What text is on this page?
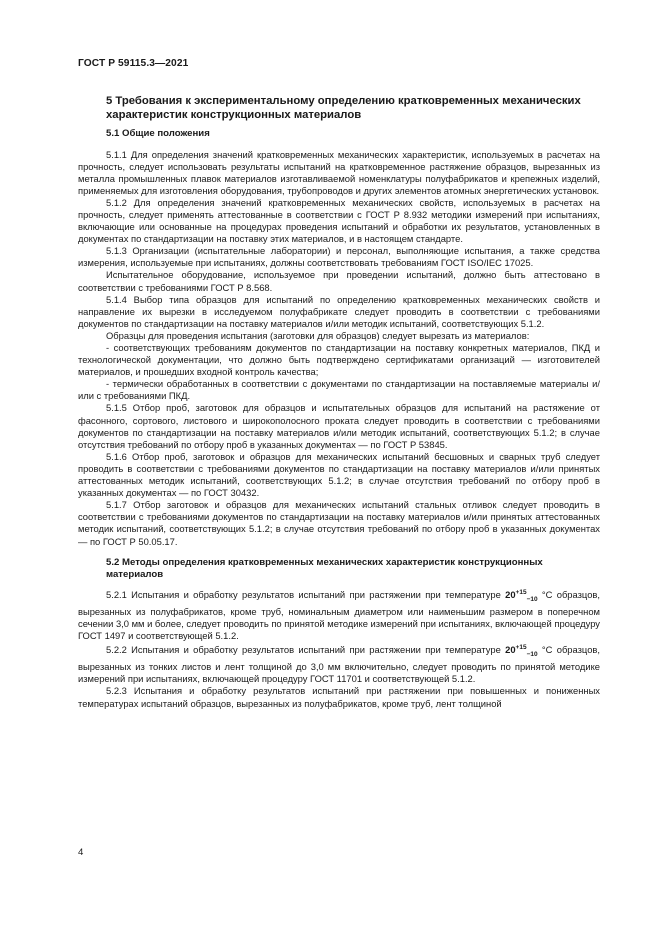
ГОСТ Р 59115.3—2021
5 Требования к экспериментальному определению кратковременных механических характеристик конструкционных материалов
5.1 Общие положения

5.1.1 Для определения значений кратковременных механических характеристик, используемых в расчетах на прочность, следует использовать результаты испытаний на кратковременное растяжение образцов, вырезанных из металла промышленных плавок материалов изготавливаемой номенклатуры полуфабрикатов и крепежных изделий, применяемых для изготовления оборудования, трубопроводов и других элементов атомных энергетических установок.

5.1.2 Для определения значений кратковременных механических свойств, используемых в расчетах на прочность, следует применять аттестованные в соответствии с ГОСТ Р 8.932 методики измерений при испытаниях, включающие или основанные на процедурах проведения испытаний и обработки их результатов, установленных в документах по стандартизации на поставку этих материалов, и в настоящем стандарте.

5.1.3 Организации (испытательные лаборатории) и персонал, выполняющие испытания, а также средства измерения, используемые при испытаниях, должны соответствовать требованиям ГОСТ ISO/IEC 17025.

Испытательное оборудование, используемое при проведении испытаний, должно быть аттестовано в соответствии с требованиями ГОСТ Р 8.568.

5.1.4 Выбор типа образцов для испытаний по определению кратковременных механических свойств и направление их вырезки в исследуемом полуфабрикате следует проводить в соответствии с требованиями документов по стандартизации на поставку материалов и/или методик испытаний, соответствующих 5.1.2.

Образцы для проведения испытания (заготовки для образцов) следует вырезать из материалов:

- соответствующих требованиям документов по стандартизации на поставку конкретных материалов, ПКД и технологической документации, что должно быть подтверждено сертификатами организаций — изготовителей материалов, и прошедших входной контроль качества;

- термически обработанных в соответствии с документами по стандартизации на поставляемые материалы и/или с требованиями ПКД.

5.1.5 Отбор проб, заготовок для образцов и испытательных образцов для испытаний на растяжение от фасонного, сортового, листового и широкополосного проката следует проводить в соответствии с требованиями документов по стандартизации на поставку материалов и/или методик испытаний, соответствующих 5.1.2; в случае отсутствия требований по отбору проб в указанных документах — по ГОСТ Р 53845.

5.1.6 Отбор проб, заготовок и образцов для механических испытаний бесшовных и сварных труб следует проводить в соответствии с требованиями документов по стандартизации на поставку материалов и/или принятых аттестованных методик испытаний, соответствующих 5.1.2; в случае отсутствия требований по отбору проб в указанных документах — по ГОСТ 30432.

5.1.7 Отбор заготовок и образцов для механических испытаний стальных отливок следует проводить в соответствии с требованиями документов по стандартизации на поставку материалов и/или принятых аттестованных методик испытаний, соответствующих 5.1.2; в случае отсутствия требований по отбору проб в указанных документах — по ГОСТ Р 50.05.17.

5.2 Методы определения кратковременных механических характеристик конструкционных материалов

5.2.1 Испытания и обработку результатов испытаний при растяжении при температуре $20^{+15}_{-10}$ °С образцов, вырезанных из полуфабрикатов, кроме труб, номинальным диаметром или наименьшим размером в поперечном сечении 3,0 мм и более, следует проводить по принятой методике измерений при испытаниях, включающей процедуру ГОСТ 1497 и соответствующей 5.1.2.

5.2.2 Испытания и обработку результатов испытаний при растяжении при температуре $20^{+15}_{-10}$ °С образцов, вырезанных из тонких листов и лент толщиной до 3,0 мм включительно, следует проводить по принятой методике измерений при испытаниях, включающей процедуру ГОСТ 11701 и соответствующей 5.1.2.

5.2.3 Испытания и обработку результатов испытаний при растяжении при повышенных и пониженных температурах испытаний образцов, вырезанных из полуфабрикатов, кроме труб, лент толщиной

4
